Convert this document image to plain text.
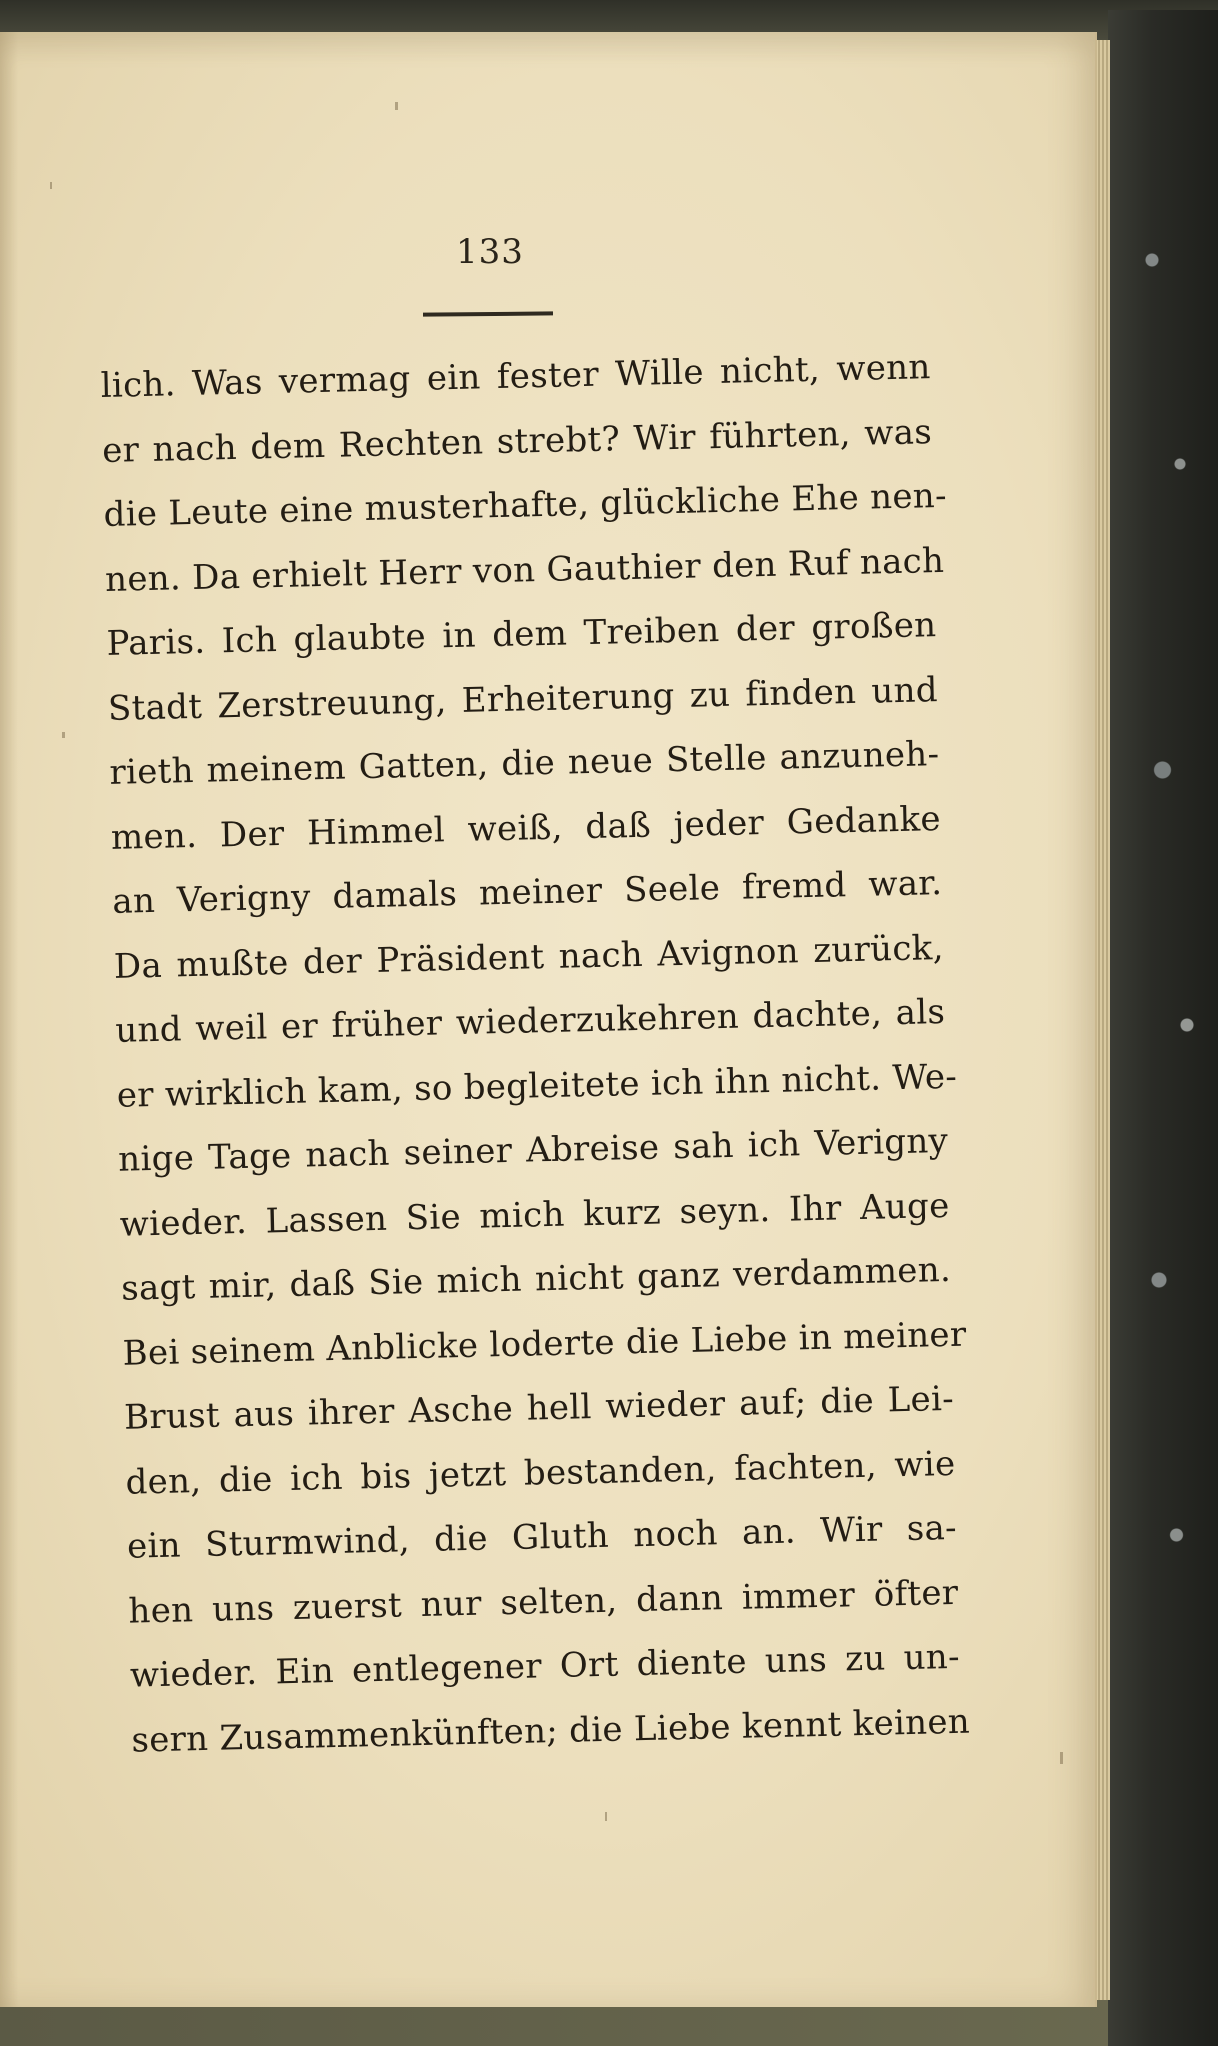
133
lich. Was vermag ein fester Wille nicht, wenn
er nach dem Rechten strebt? Wir führten, was
die Leute eine musterhafte, glückliche Ehe nen-
nen. Da erhielt Herr von Gauthier den Ruf nach
Paris. Ich glaubte in dem Treiben der großen
Stadt Zerstreuung, Erheiterung zu finden und
rieth meinem Gatten, die neue Stelle anzuneh-
men. Der Himmel weiß, daß jeder Gedanke
an Verigny damals meiner Seele fremd war.
Da mußte der Präsident nach Avignon zurück,
und weil er früher wiederzukehren dachte, als
er wirklich kam, so begleitete ich ihn nicht. We-
nige Tage nach seiner Abreise sah ich Verigny
wieder. Lassen Sie mich kurz seyn. Ihr Auge
sagt mir, daß Sie mich nicht ganz verdammen.
Bei seinem Anblicke loderte die Liebe in meiner
Brust aus ihrer Asche hell wieder auf; die Lei-
den, die ich bis jetzt bestanden, fachten, wie
ein Sturmwind, die Gluth noch an. Wir sa-
hen uns zuerst nur selten, dann immer öfter
wieder. Ein entlegener Ort diente uns zu un-
sern Zusammenkünften; die Liebe kennt keinen
